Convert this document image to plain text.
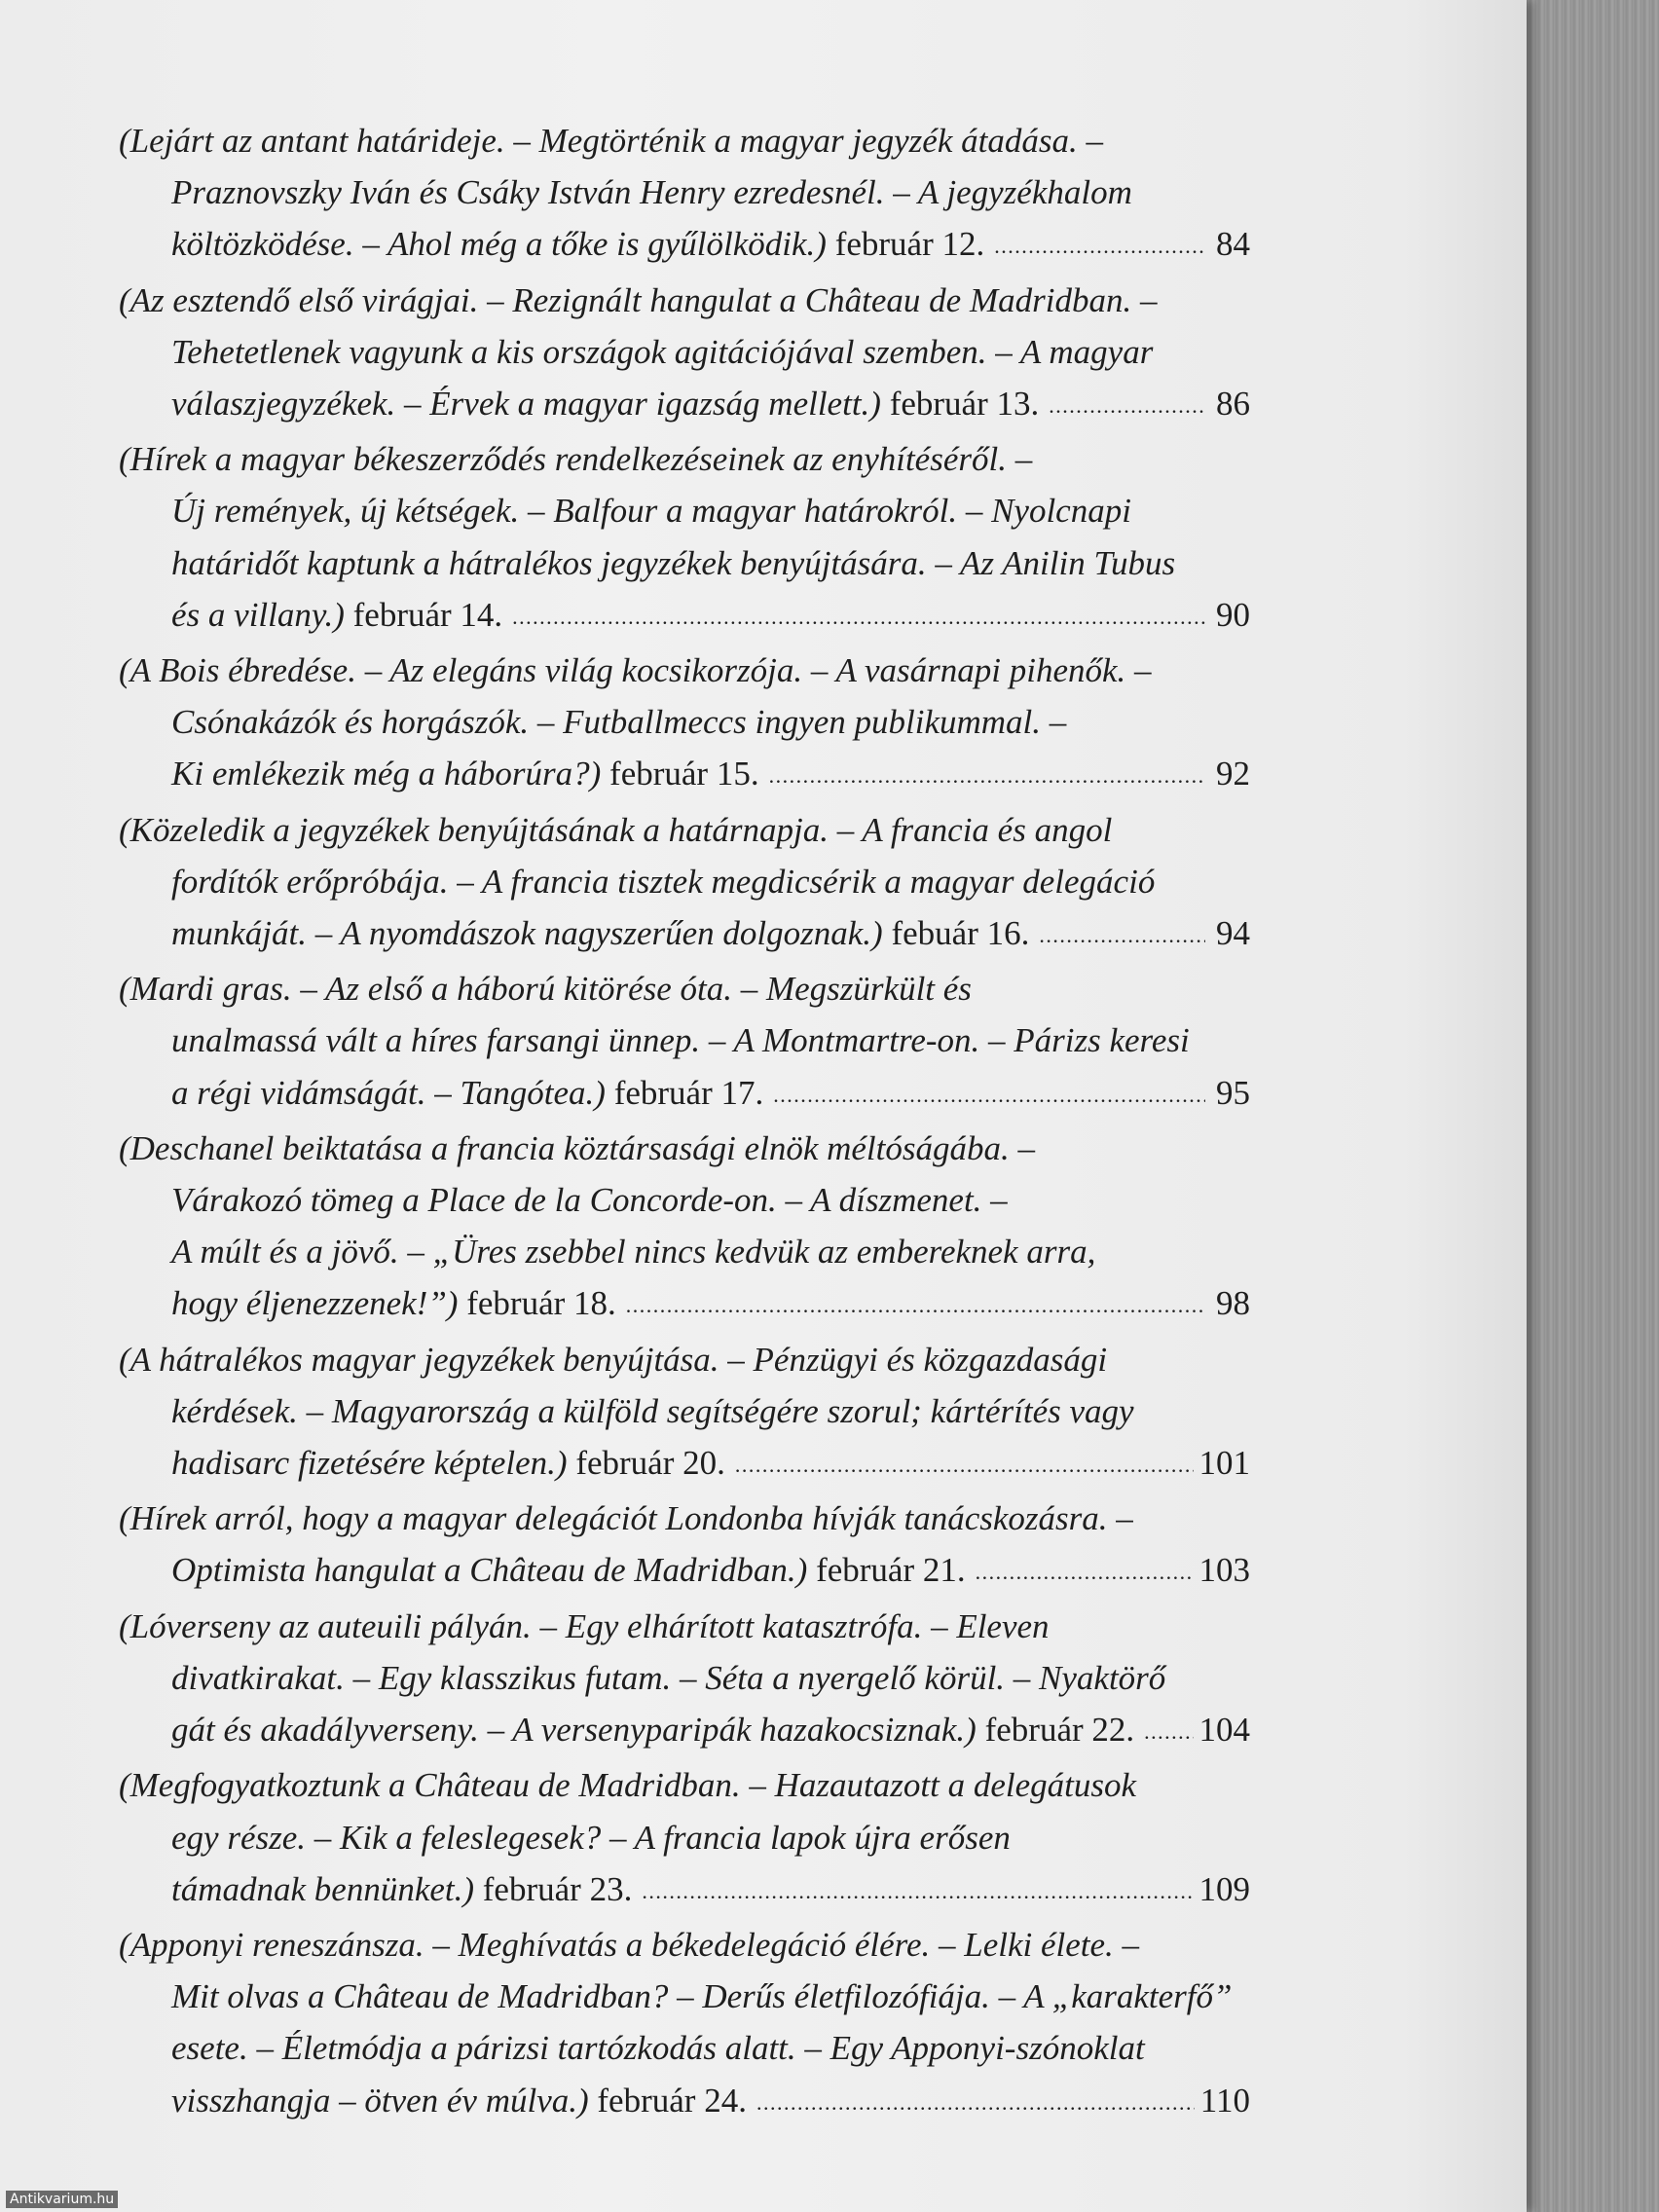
(Lejárt az antant határideje. – Megtörténik a magyar jegyzék átadása. –
Praznovszky Iván és Csáky István Henry ezredesnél. – A jegyzékhalom
költözködése. – Ahol még a tőke is gyűlölködik.)
február 12. . . .	84
(Az esztendő első virágjai. – Rezignált hangulat a Château de Madridban. –
Tehetetlenek vagyunk a kis országok agitációjával szemben. – A magyar
válaszjegyzékek. – Érvek a magyar igazság mellett.)
február 13. . . .	86
(Hírek a magyar békeszerződés rendelkezéseinek az enyhítéséről. –
Új remények, új kétségek. – Balfour a magyar határokról. – Nyolcnapi
határidőt kaptunk a hátralékos jegyzékek benyújtására. – Az Anilin Tubus
és a villany.)
február 14. . . .	90
(A Bois ébredése. – Az elegáns világ kocsikorzója. – A vasárnapi pihenők. –
Csónakázók és horgászók. – Futballmeccs ingyen publikummal. –
Ki emlékezik még a háborúra?)
február 15. . . .	92
(Közeledik a jegyzékek benyújtásának a határnapja. – A francia és angol
fordítók erőpróbája. – A francia tisztek megdicsérik a magyar delegáció
munkáját. – A nyomdászok nagyszerűen dolgoznak.)
febuár 16. . . .	94
(Mardi gras. – Az első a háború kitörése óta. – Megszürkült és
unalmassá vált a híres farsangi ünnep. – A Montmartre-on. – Párizs keresi
a régi vidámságát. – Tangótea.)
február 17. . . .	95
(Deschanel beiktatása a francia köztársasági elnök méltóságába. –
Várakozó tömeg a Place de la Concorde-on. – A díszmenet. –
A múlt és a jövő. – „Üres zsebbel nincs kedvük az embereknek arra,
hogy éljenezzenek!”)
február 18. . . .	98
(A hátralékos magyar jegyzékek benyújtása. – Pénzügyi és közgazdasági
kérdések. – Magyarország a külföld segítségére szorul; kártérítés vagy
hadisarc fizetésére képtelen.)
február 20. . . .	101
(Hírek arról, hogy a magyar delegációt Londonba hívják tanácskozásra. –
Optimista hangulat a Château de Madridban.)
február 21. . . .	103
(Lóverseny az auteuili pályán. – Egy elhárított katasztrófa. – Eleven
divatkirakat. – Egy klasszikus futam. – Séta a nyergelő körül. – Nyaktörő
gát és akadályverseny. – A versenyparipák hazakocsiznak.)
február 22. . . . 104
(Megfogyatkoztunk a Château de Madridban. – Hazautazott a delegátusok
egy része. – Kik a feleslegesek? – A francia lapok újra erősen
támadnak bennünket.)
február 23. . . .	109
(Apponyi reneszánsza. – Meghívatás a békedelegáció élére. – Lelki élete. –
Mit olvas a Château de Madridban? – Derűs életfilozófiája. – A „karakterfő”
esete. – Életmódja a párizsi tartózkodás alatt. – Egy Apponyi-szónoklat
visszhangja – ötven év múlva.)
február 24. . . .	110
Antikvarium.hu
